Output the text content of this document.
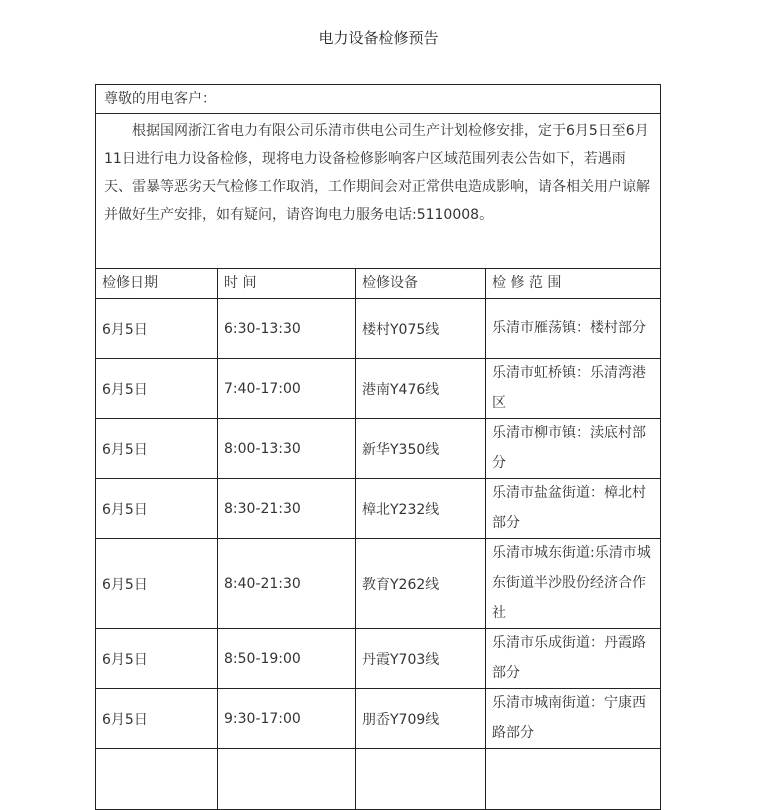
电力设备检修预告
尊敬的用电客户：			

根据国网浙江省电力有限公司乐清市供电公司生产计划检修安排，定于6月5日至6月11日进行电力设备检修，现将电力设备检修影响客户区域范围列表公告如下，若遇雨天、雷暴等恶劣天气检修工作取消，工作期间会对正常供电造成影响，请各相关用户谅解并做好生产安排，如有疑问，请咨询电力服务电话:5110008。			

检修日期	时 间	检修设备	检 修 范 围
6月5日	6:30-13:30	楼村Y075线	乐清市雁荡镇：楼村部分

6月5日	7:40-17:00	港南Y476线	乐清市虹桥镇：乐清湾港区

6月5日	8:00-13:30	新华Y350线	乐清市柳市镇：渎底村部分

6月5日	8:30-21:30	樟北Y232线	乐清市盐盆街道：樟北村部分

6月5日	8:40-21:30	教育Y262线	乐清市城东街道:乐清市城东街道半沙股份经济合作社

6月5日	8:50-19:00	丹霞Y703线	乐清市乐成街道：丹霞路部分

6月5日	9:30-17:00	朋岙Y709线	乐清市城南街道：宁康西路部分
